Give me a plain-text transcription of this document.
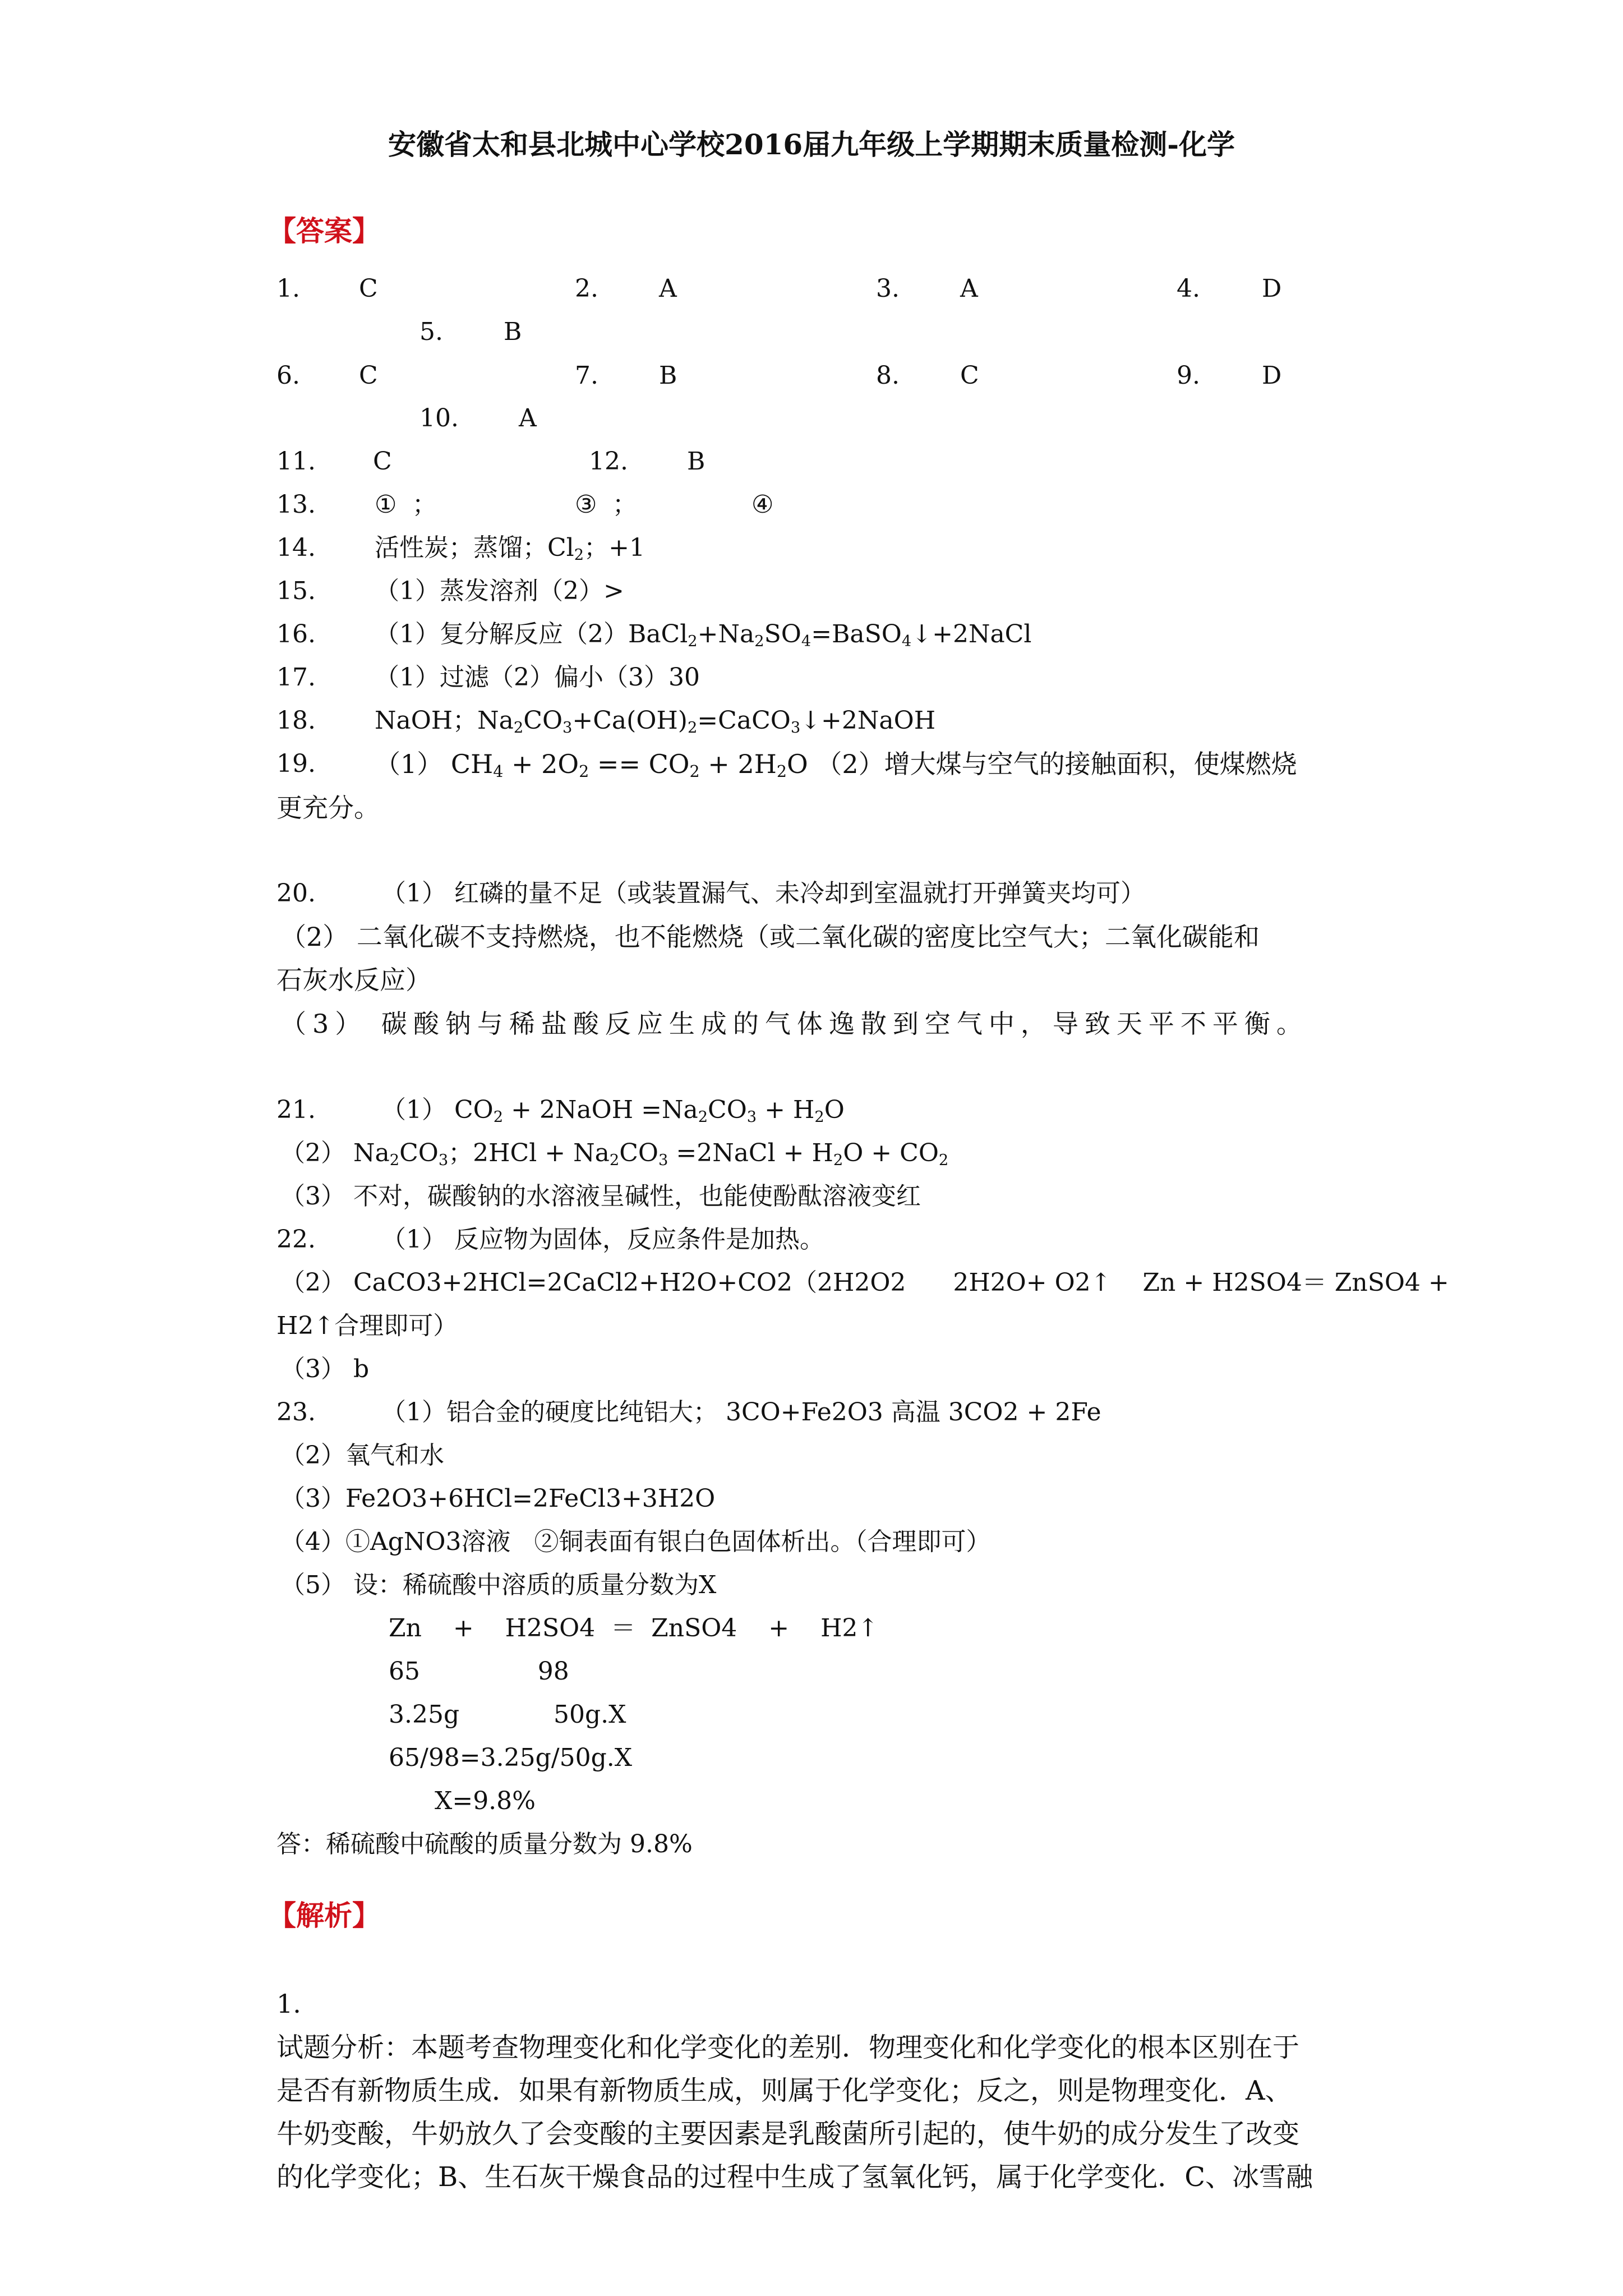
安徽省太和县北城中心学校2016届九年级上学期期末质量检测-化学
【答案】
1. C	2. A	3. A	4.	D
5. B
6. C	7. B	8. C	9.	D
10. A
11. C	12. B
13. ① ；	③ ；	④
14. 活性炭；蒸馏；$Cl_2$；+1
15. （1）蒸发溶剂（2）>
16. （1）复分解反应$(2)BaCl_2+Na_2SO_4=BaSO_4↓+2NaCl$
17. （1）过滤（2）偏小（3）30
18. NaOH；$Na_2CO_3+Ca(OH)_2=CaCO_3↓+2NaOH$
19. （1） $CH_4 + 2O_2 == CO_2 + 2H_2O$ （2）增大煤与空气的接触面积，使煤燃烧
更充分。
20.	（1） 红磷的量不足（或装置漏气、未冷却到室温就打开弹簧夹均可）
（2） 二氧化碳不支持燃烧，也不能燃烧（或二氧化碳的密度比空气大；二氧化碳能和
石灰水反应）
（3） 碳酸钠与稀盐酸反应生成的气体逸散到空气中，导致天平不平衡。
21.	（1） $CO_2$ + 2NaOH $=Na_2CO_3 + H_2O$
（2） $Na_2CO_3$；$2HCl + Na_2CO_3$ =2NaCl + $H_2O + CO_2$
（3） 不对，碳酸钠的水溶液呈碱性，也能使酚酞溶液变红
22.	（1） 反应物为固体，反应条件是加热。
（2） CaCO3+2HCl=2CaCl2+H2O+CO2（2H2O2      2H2O+ O2↑    Zn + H2SO4＝ ZnSO4 +
H2↑合理即可）
（3） b
23.	（1）铝合金的硬度比纯铝大； 3CO+Fe2O3 高温 3CO2 + 2Fe
（2）氧气和水
（3）Fe2O3+6HCl=2FeCl3+3H2O
（4）①AgNO3溶液   ②铜表面有银白色固体析出。（合理即可）
（5） 设：稀硫酸中溶质的质量分数为X
Zn    +    H2SO4  ＝  ZnSO4    +    H2↑
65               98
3.25g            50g.X
65/98=3.25g/50g.X
X=9.8%
答：稀硫酸中硫酸的质量分数为 9.8%
【解析】
1.
试题分析：本题考查物理变化和化学变化的差别．物理变化和化学变化的根本区别在于
是否有新物质生成．如果有新物质生成，则属于化学变化；反之，则是物理变化．A、
牛奶变酸，牛奶放久了会变酸的主要因素是乳酸菌所引起的，使牛奶的成分发生了改变
的化学变化；B、生石灰干燥食品的过程中生成了氢氧化钙，属于化学变化．C、冰雪融
